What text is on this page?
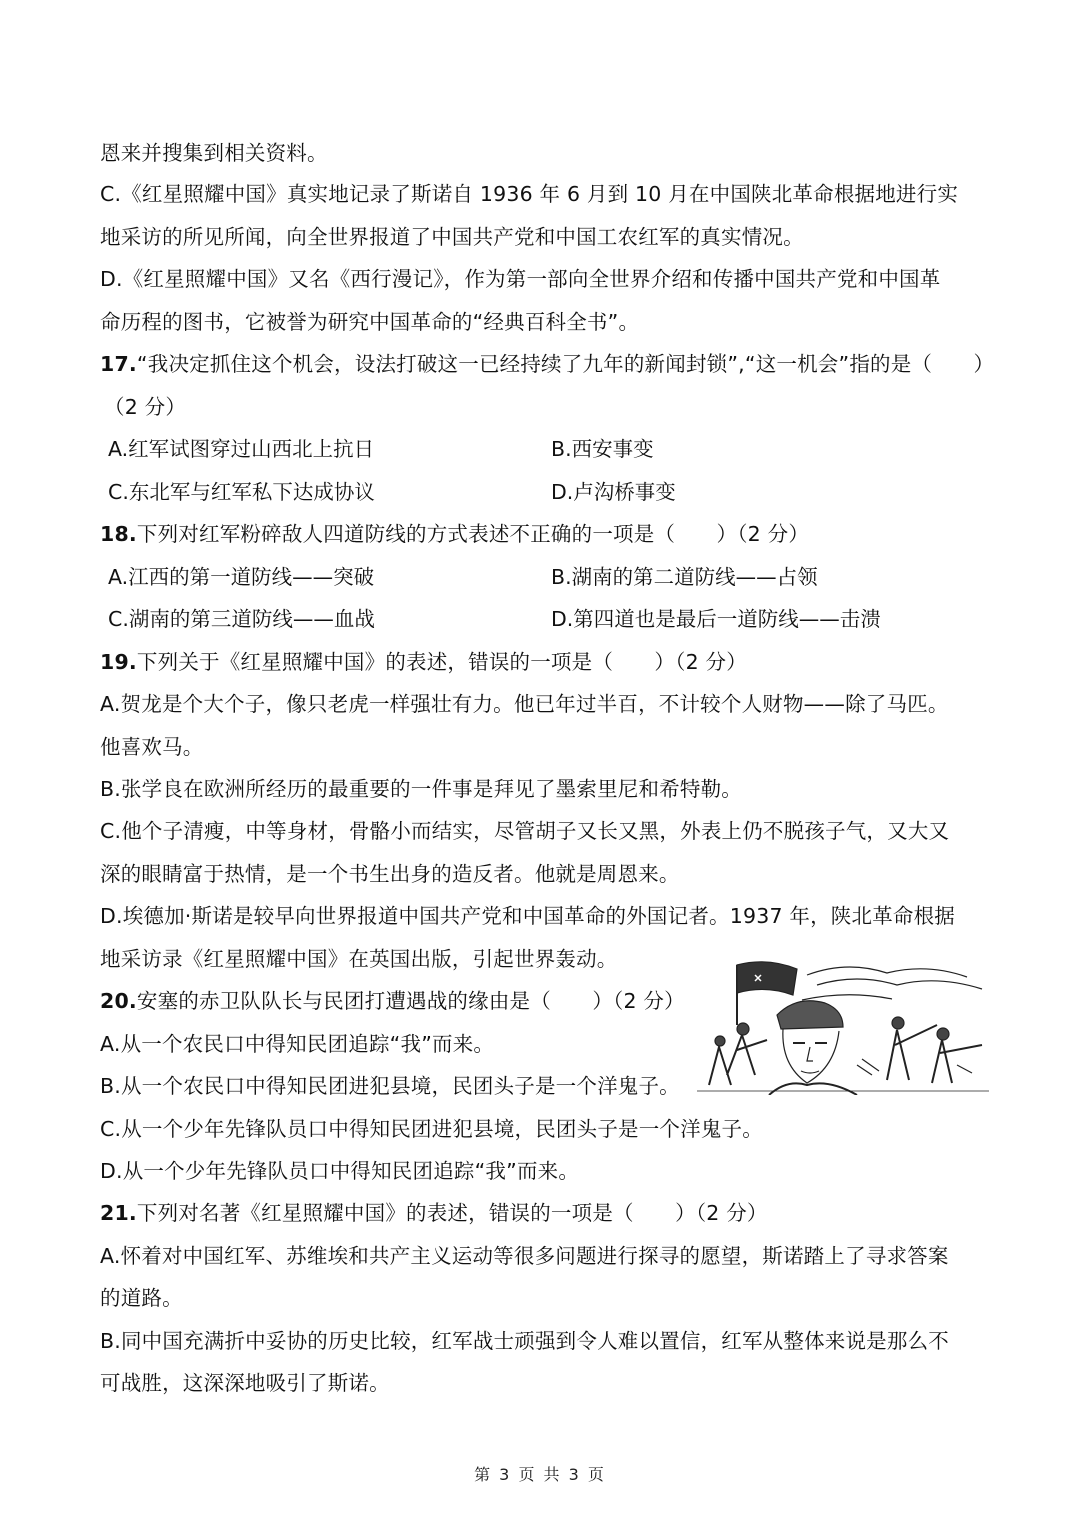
恩来并搜集到相关资料。
C.《红星照耀中国》真实地记录了斯诺自 1936 年 6 月到 10 月在中国陕北革命根据地进行实
地采访的所见所闻，向全世界报道了中国共产党和中国工农红军的真实情况。
D.《红星照耀中国》又名《西行漫记》，作为第一部向全世界介绍和传播中国共产党和中国革
命历程的图书，它被誉为研究中国革命的“经典百科全书”。
17.“我决定抓住这个机会，设法打破这一已经持续了九年的新闻封锁”,“这一机会”指的是（　　）
（2 分）
A.红军试图穿过山西北上抗日	B.西安事变
C.东北军与红军私下达成协议	D.卢沟桥事变
18.下列对红军粉碎敌人四道防线的方式表述不正确的一项是（　　）（2 分）
A.江西的第一道防线——突破	B.湖南的第二道防线——占领
C.湖南的第三道防线——血战	D.第四道也是最后一道防线——击溃
19.下列关于《红星照耀中国》的表述，错误的一项是（　　）（2 分）
A.贺龙是个大个子，像只老虎一样强壮有力。他已年过半百，不计较个人财物——除了马匹。
他喜欢马。
B.张学良在欧洲所经历的最重要的一件事是拜见了墨索里尼和希特勒。
C.他个子清瘦，中等身材，骨骼小而结实，尽管胡子又长又黑，外表上仍不脱孩子气，又大又
深的眼睛富于热情，是一个书生出身的造反者。他就是周恩来。
D.埃德加·斯诺是较早向世界报道中国共产党和中国革命的外国记者。1937 年，陕北革命根据
地采访录《红星照耀中国》在英国出版，引起世界轰动。
20.安塞的赤卫队队长与民团打遭遇战的缘由是（　　）（2 分）
A.从一个农民口中得知民团追踪“我”而来。
B.从一个农民口中得知民团进犯县境，民团头子是一个洋鬼子。
C.从一个少年先锋队员口中得知民团进犯县境，民团头子是一个洋鬼子。
D.从一个少年先锋队员口中得知民团追踪“我”而来。
21.下列对名著《红星照耀中国》的表述，错误的一项是（　　）（2 分）
A.怀着对中国红军、苏维埃和共产主义运动等很多问题进行探寻的愿望，斯诺踏上了寻求答案
的道路。
B.同中国充满折中妥协的历史比较，红军战士顽强到令人难以置信，红军从整体来说是那么不
可战胜，这深深地吸引了斯诺。
第 3 页 共 3 页
